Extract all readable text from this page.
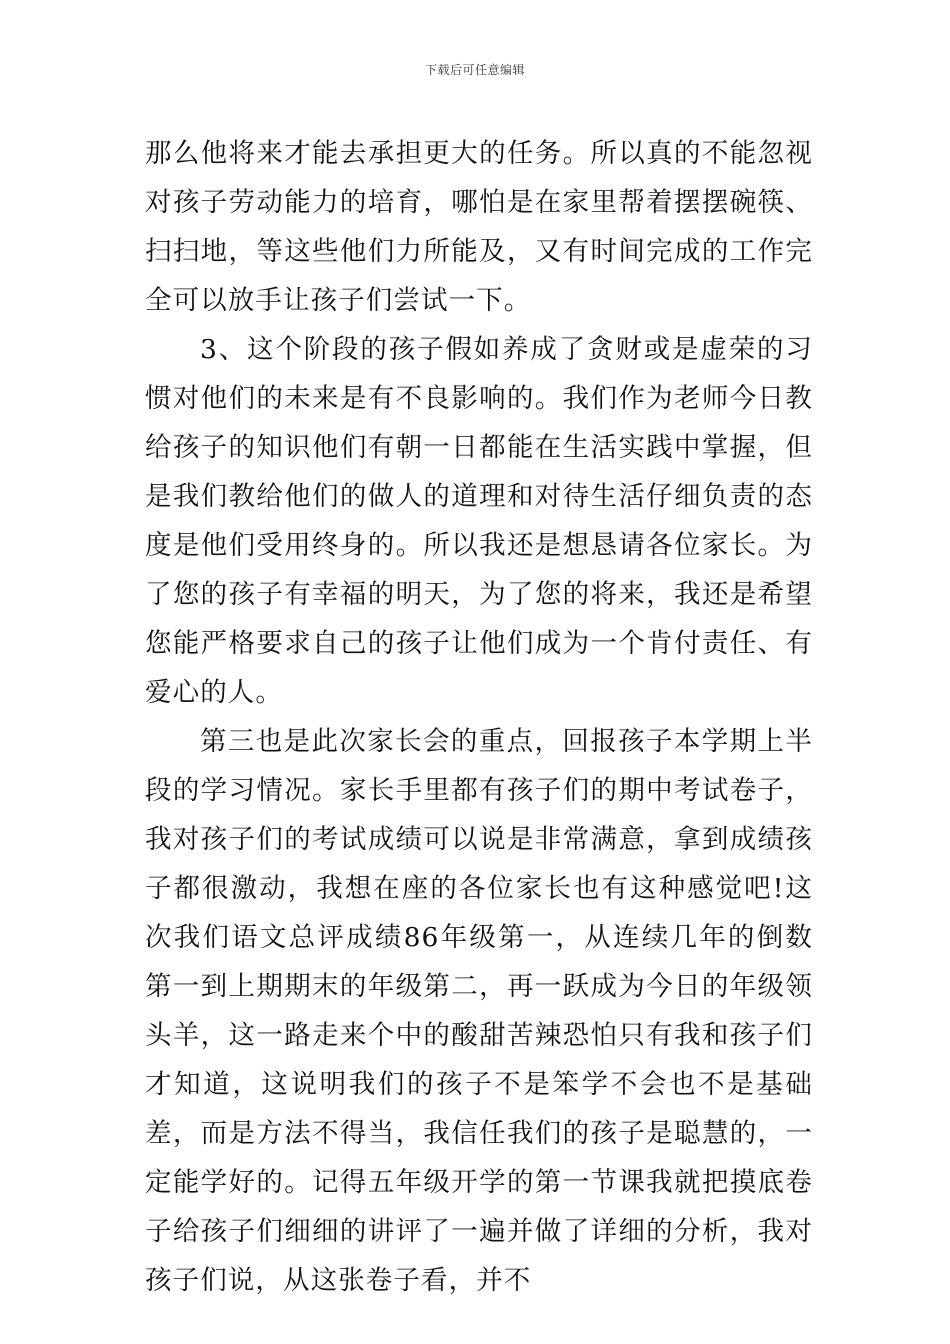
下载后可任意编辑

那么他将来才能去承担更大的任务。所以真的不能忽视对孩子劳动能力的培育，哪怕是在家里帮着摆摆碗筷、扫扫地，等这些他们力所能及，又有时间完成的工作完全可以放手让孩子们尝试一下。

3、这个阶段的孩子假如养成了贪财或是虚荣的习惯对他们的未来是有不良影响的。我们作为老师今日教给孩子的知识他们有朝一日都能在生活实践中掌握，但是我们教给他们的做人的道理和对待生活仔细负责的态度是他们受用终身的。所以我还是想恳请各位家长。为了您的孩子有幸福的明天，为了您的将来，我还是希望您能严格要求自己的孩子让他们成为一个肯付责任、有爱心的人。

第三也是此次家长会的重点，回报孩子本学期上半段的学习情况。家长手里都有孩子们的期中考试卷子，我对孩子们的考试成绩可以说是非常满意，拿到成绩孩子都很激动，我想在座的各位家长也有这种感觉吧!这次我们语文总评成绩86年级第一，从连续几年的倒数第一到上期期末的年级第二，再一跃成为今日的年级领头羊，这一路走来个中的酸甜苦辣恐怕只有我和孩子们才知道，这说明我们的孩子不是笨学不会也不是基础差，而是方法不得当，我信任我们的孩子是聪慧的，一定能学好的。记得五年级开学的第一节课我就把摸底卷子给孩子们细细的讲评了一遍并做了详细的分析，我对孩子们说，从这张卷子看，并不
